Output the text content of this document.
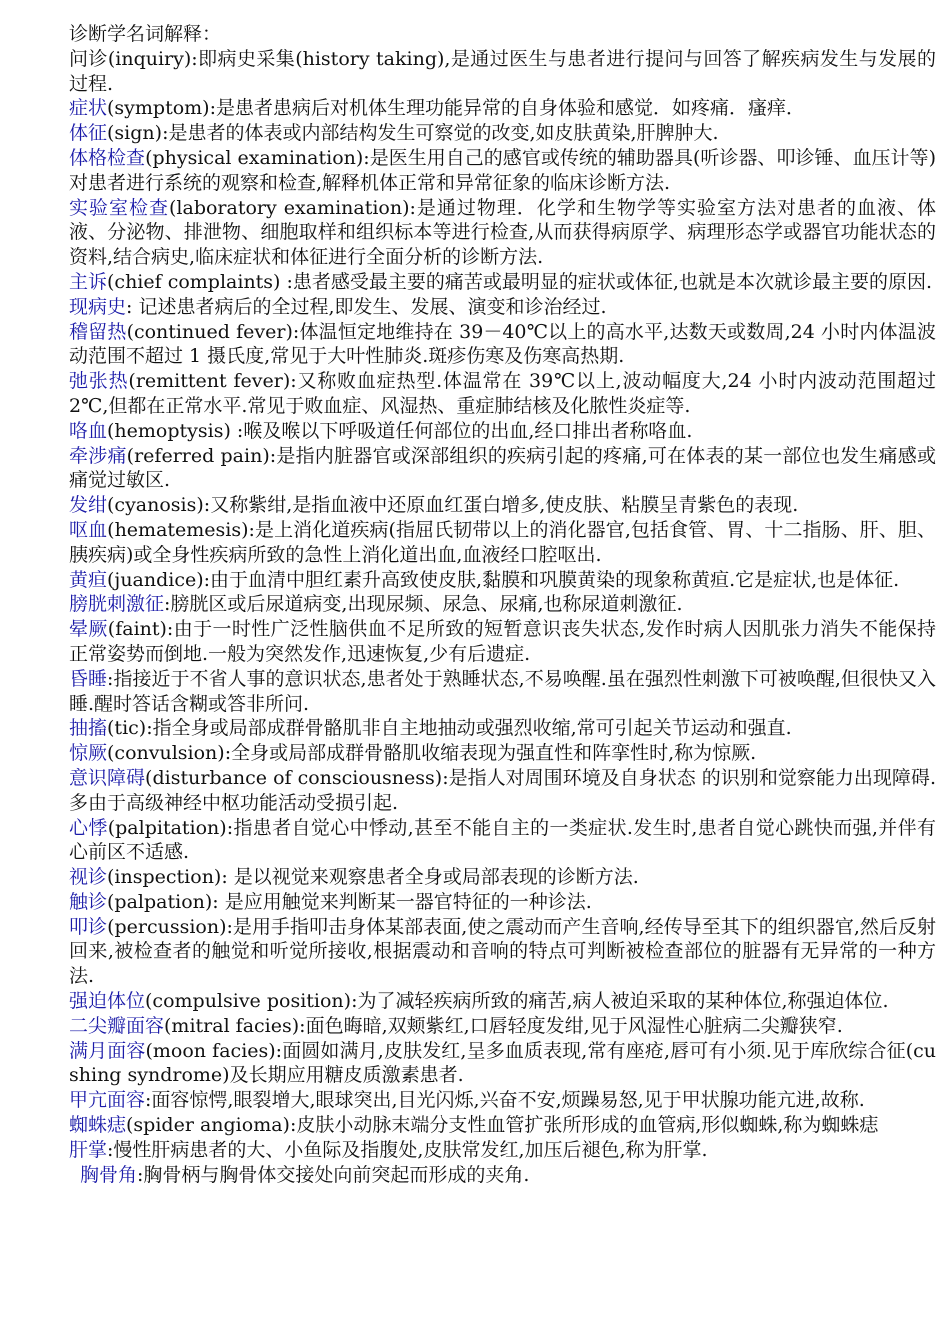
诊断学名词解释：

问诊(inquiry):即病史采集(history taking),是通过医生与患者进行提问与回答了解疾病发生与发展的过程.

症状(symptom):是患者患病后对机体生理功能异常的自身体验和感觉．如疼痛．瘙痒．

体征(sign):是患者的体表或内部结构发生可察觉的改变,如皮肤黄染,肝脾肿大.

体格检查(physical examination):是医生用自己的感官或传统的辅助器具(听诊器、叩诊锤、血压计等)对患者进行系统的观察和检查,解释机体正常和异常征象的临床诊断方法.

实验室检查(laboratory examination):是通过物理．化学和生物学等实验室方法对患者的血液、体液、分泌物、排泄物、细胞取样和组织标本等进行检查,从而获得病原学、病理形态学或器官功能状态的资料,结合病史,临床症状和体征进行全面分析的诊断方法.

主诉(chief complaints) :患者感受最主要的痛苦或最明显的症状或体征,也就是本次就诊最主要的原因.

现病史: 记述患者病后的全过程,即发生、发展、演变和诊治经过.

稽留热(continued fever):体温恒定地维持在 39－40℃以上的高水平,达数天或数周,24 小时内体温波动范围不超过 1 摄氏度,常见于大叶性肺炎.斑疹伤寒及伤寒高热期.

弛张热(remittent fever):又称败血症热型.体温常在 39℃以上,波动幅度大,24 小时内波动范围超过 2℃,但都在正常水平.常见于败血症、风湿热、重症肺结核及化脓性炎症等.

咯血(hemoptysis) :喉及喉以下呼吸道任何部位的出血,经口排出者称咯血.

牵涉痛(referred pain):是指内脏器官或深部组织的疾病引起的疼痛,可在体表的某一部位也发生痛感或痛觉过敏区.

发绀(cyanosis):又称紫绀,是指血液中还原血红蛋白增多,使皮肤、粘膜呈青紫色的表现.

呕血(hematemesis):是上消化道疾病(指屈氏韧带以上的消化器官,包括食管、胃、十二指肠、肝、胆、胰疾病)或全身性疾病所致的急性上消化道出血,血液经口腔呕出.

黄疸(juandice):由于血清中胆红素升高致使皮肤,黏膜和巩膜黄染的现象称黄疸.它是症状,也是体征.

膀胱刺激征:膀胱区或后尿道病变,出现尿频、尿急、尿痛,也称尿道刺激征.

晕厥(faint):由于一时性广泛性脑供血不足所致的短暂意识丧失状态,发作时病人因肌张力消失不能保持正常姿势而倒地.一般为突然发作,迅速恢复,少有后遗症.

昏睡:指接近于不省人事的意识状态,患者处于熟睡状态,不易唤醒.虽在强烈性刺激下可被唤醒,但很快又入睡.醒时答话含糊或答非所问.

抽搐(tic):指全身或局部成群骨骼肌非自主地抽动或强烈收缩,常可引起关节运动和强直.

惊厥(convulsion):全身或局部成群骨骼肌收缩表现为强直性和阵挛性时,称为惊厥.

意识障碍(disturbance of consciousness):是指人对周围环境及自身状态 的识别和觉察能力出现障碍.多由于高级神经中枢功能活动受损引起.

心悸(palpitation):指患者自觉心中悸动,甚至不能自主的一类症状.发生时,患者自觉心跳快而强,并伴有心前区不适感.

视诊(inspection): 是以视觉来观察患者全身或局部表现的诊断方法.

触诊(palpation): 是应用触觉来判断某一器官特征的一种诊法.

叩诊(percussion):是用手指叩击身体某部表面,使之震动而产生音响,经传导至其下的组织器官,然后反射回来,被检查者的触觉和听觉所接收,根据震动和音响的特点可判断被检查部位的脏器有无异常的一种方法.

强迫体位(compulsive position):为了减轻疾病所致的痛苦,病人被迫采取的某种体位,称强迫体位.

二尖瓣面容(mitral facies):面色晦暗,双颊紫红,口唇轻度发绀,见于风湿性心脏病二尖瓣狭窄.

满月面容(moon facies):面圆如满月,皮肤发红,呈多血质表现,常有座疮,唇可有小须.见于库欣综合征(cushing syndrome)及长期应用糖皮质激素患者.

甲亢面容:面容惊愕,眼裂增大,眼球突出,目光闪烁,兴奋不安,烦躁易怒,见于甲状腺功能亢进,故称.

蜘蛛痣(spider angioma):皮肤小动脉末端分支性血管扩张所形成的血管病,形似蜘蛛,称为蜘蛛痣

肝掌:慢性肝病患者的大、小鱼际及指腹处,皮肤常发红,加压后褪色,称为肝掌.

胸骨角:胸骨柄与胸骨体交接处向前突起而形成的夹角.
